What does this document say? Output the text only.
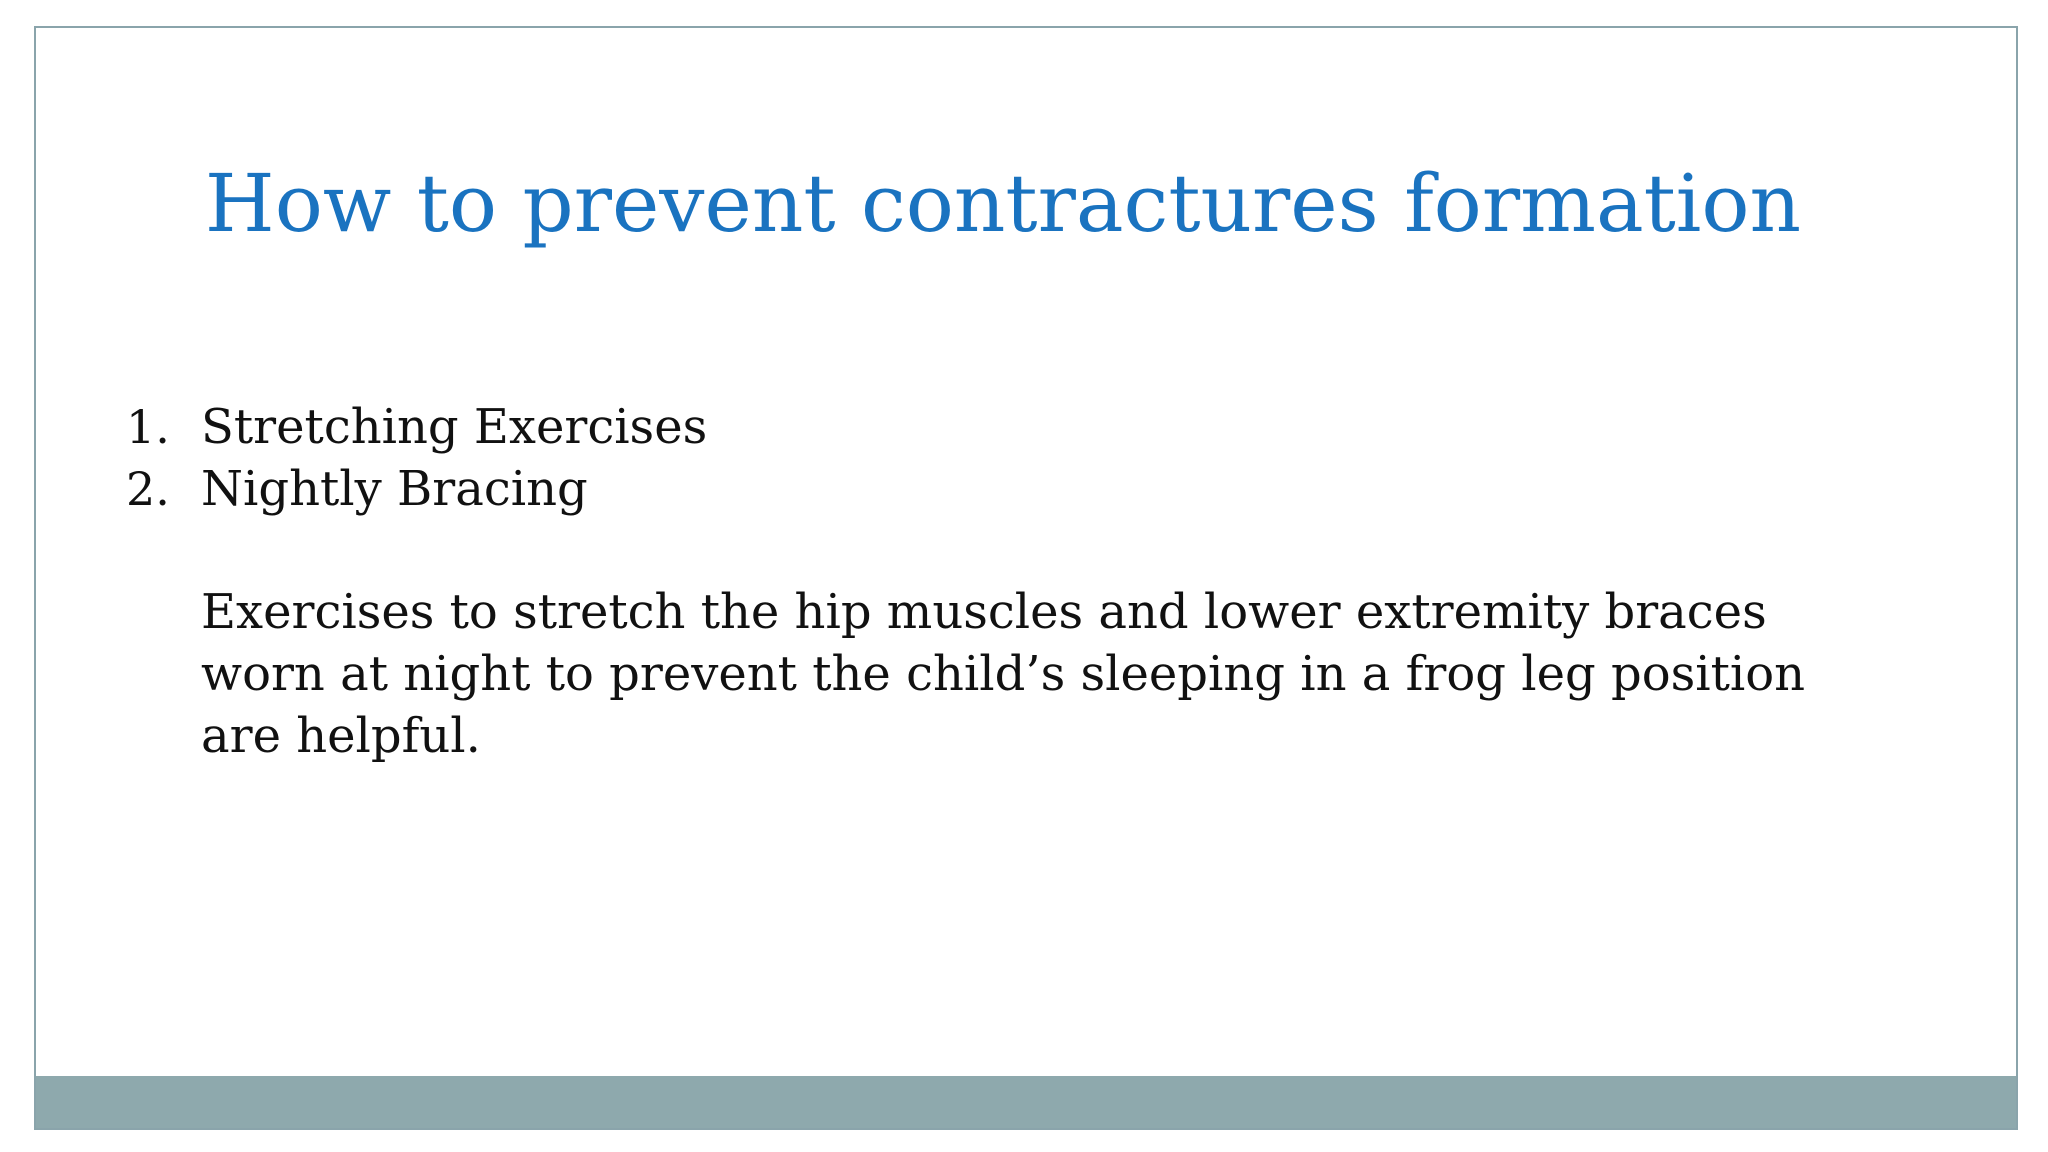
How to prevent contractures formation
1. Stretching Exercises
2. Nightly Bracing

Exercises to stretch the hip muscles and lower extremity braces
worn at night to prevent the child’s sleeping in a frog leg position
are helpful.
